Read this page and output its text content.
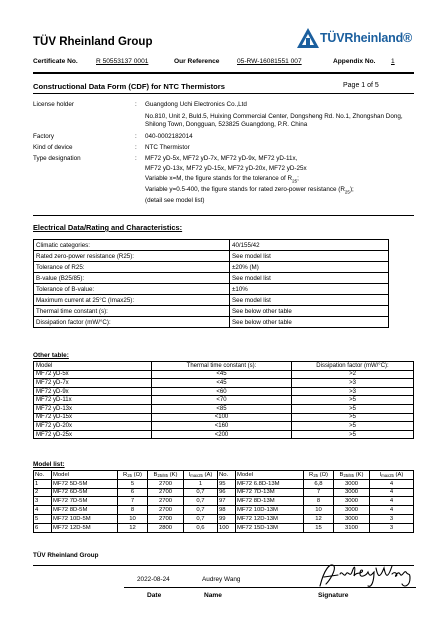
TÜV Rheinland Group	TÜVRheinland®
Certificate No.	R 50553137 0001	Our Reference	05-RW-16081551 007	Appendix No. 1
Constructional Data Form (CDF) for NTC Thermistors	Page 1 of 5
License holder	: Guangdong Uchi Electronics Co.,Ltd
No.810, Unit 2, Buld.5, Huixing Commercial Center, Dongsheng Rd. No.1, Zhongshan Dong, Shilong Town, Dongguan, 523825 Guangdong, P.R. China
Factory	: 040-0002182014
Kind of device	: NTC Thermistor
Type designation	: MF72 yD-5x, MF72 yD-7x, MF72 yD-9x, MF72 yD-11x,
MF72 yD-13x, MF72 yD-15x, MF72 yD-20x, MF72 yD-25x
Variable x=M, the figure stands for the tolerance of $R_{25}$;
Variable y=0.5-400, the figure stands for rated zero-power resistance $(R_{25})$;
(detail see model list)
Electrical Data/Rating and Characteristics:
Climatic categories:	40/155/42
Rated zero-power resistance (R25):	See model list
Tolerance of R25:	±20% (M)
B-value (B25/85):	See model list
Tolerance of B-value:	±10%
Maximum current at 25°C (Imax25):	See model list
Thermal time constant (s):	See below other table
Dissipation factor (mW/°C):	See below other table
Other table:
Model	Thermal time constant (s):	Dissipation factor (mW/°C):
MF72 yD-5x	<45	>2
MF72 yD-7x	<45	>3
MF72 yD-9x	<60	>3
MF72 yD-11x	<70	>5
MF72 yD-13x	<85	>5
MF72 yD-15x	<100	>5
MF72 yD-20x	<160	>5
MF72 yD-25x	<200	>5
Model list:
No.	Model	R25 (Ω)	B25/85 (K)	Imax25 (A)	No.	Model	R25 (Ω)	B25/85 (K)	Imax25 (A)
1	MF72 5D-5M	5	2700	1	95	MF72 6.8D-13M	6,8	3000	4
2	MF72 6D-5M	6	2700	0,7	96	MF72 7D-13M	7	3000	4
3	MF72 7D-5M	7	2700	0,7	97	MF72 8D-13M	8	3000	4
4	MF72 8D-5M	8	2700	0,7	98	MF72 10D-13M	10	3000	4
5	MF72 10D-5M	10	2700	0,7	99	MF72 12D-13M	12	3000	3
6	MF72 12D-5M	12	2800	0,6	100	MF72 15D-13M	15	3100	3
TÜV Rheinland Group
2022-08-24	Audrey Wang
Date	Name	Signature
